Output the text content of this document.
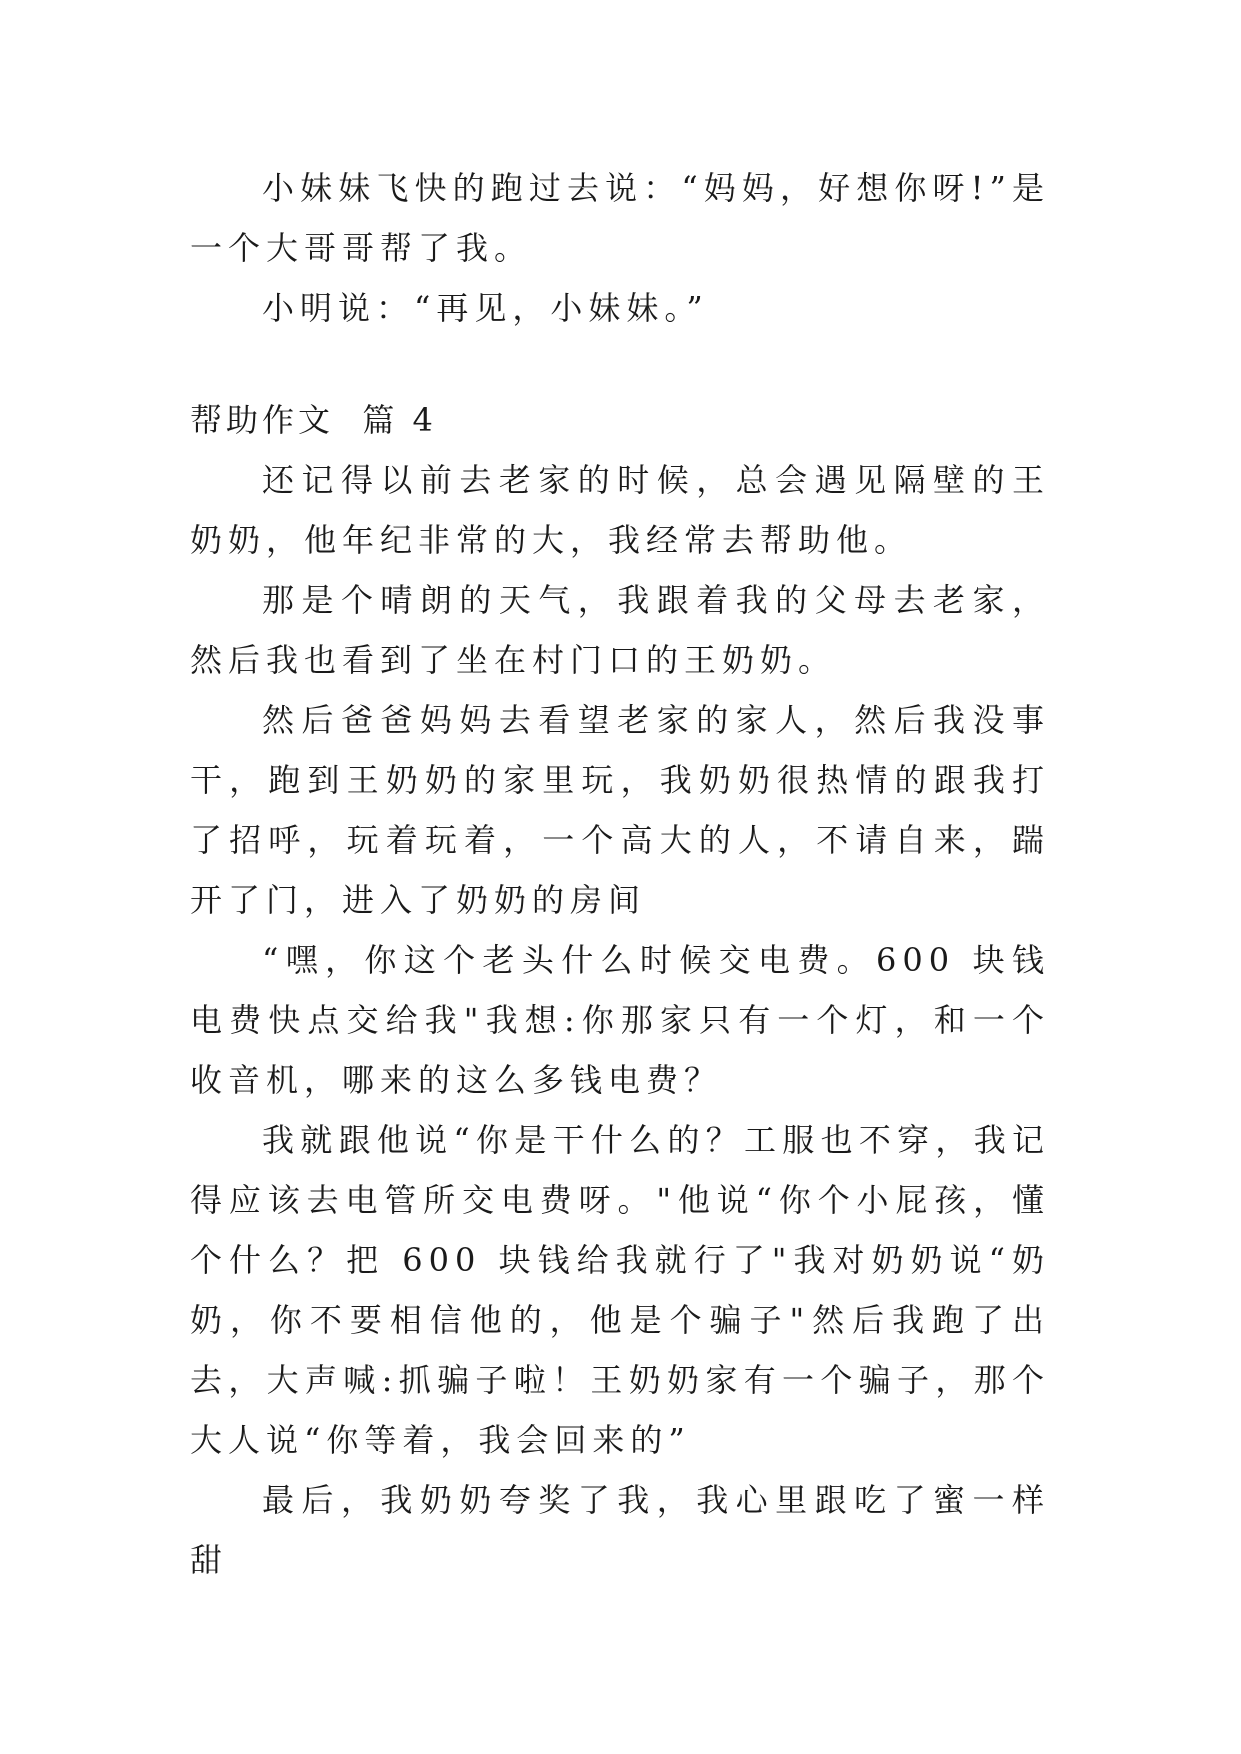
小妹妹飞快的跑过去说：“妈妈，好想你呀!”是一个大哥哥帮了我。

小明说：“再见，小妹妹。”

帮助作文  篇 4

还记得以前去老家的时候，总会遇见隔壁的王奶奶，他年纪非常的大，我经常去帮助他。

那是个晴朗的天气，我跟着我的父母去老家，然后我也看到了坐在村门口的王奶奶。

然后爸爸妈妈去看望老家的家人，然后我没事干，跑到王奶奶的家里玩，我奶奶很热情的跟我打了招呼，玩着玩着，一个高大的人，不请自来，踹开了门，进入了奶奶的房间

“嘿，你这个老头什么时候交电费。600 块钱电费快点交给我"我想:你那家只有一个灯，和一个收音机，哪来的这么多钱电费？

我就跟他说“你是干什么的？工服也不穿，我记得应该去电管所交电费呀。"他说“你个小屁孩，懂个什么？把 600 块钱给我就行了"我对奶奶说“奶奶，你不要相信他的，他是个骗子"然后我跑了出去，大声喊:抓骗子啦！王奶奶家有一个骗子，那个大人说“你等着，我会回来的”

最后，我奶奶夸奖了我，我心里跟吃了蜜一样甜
